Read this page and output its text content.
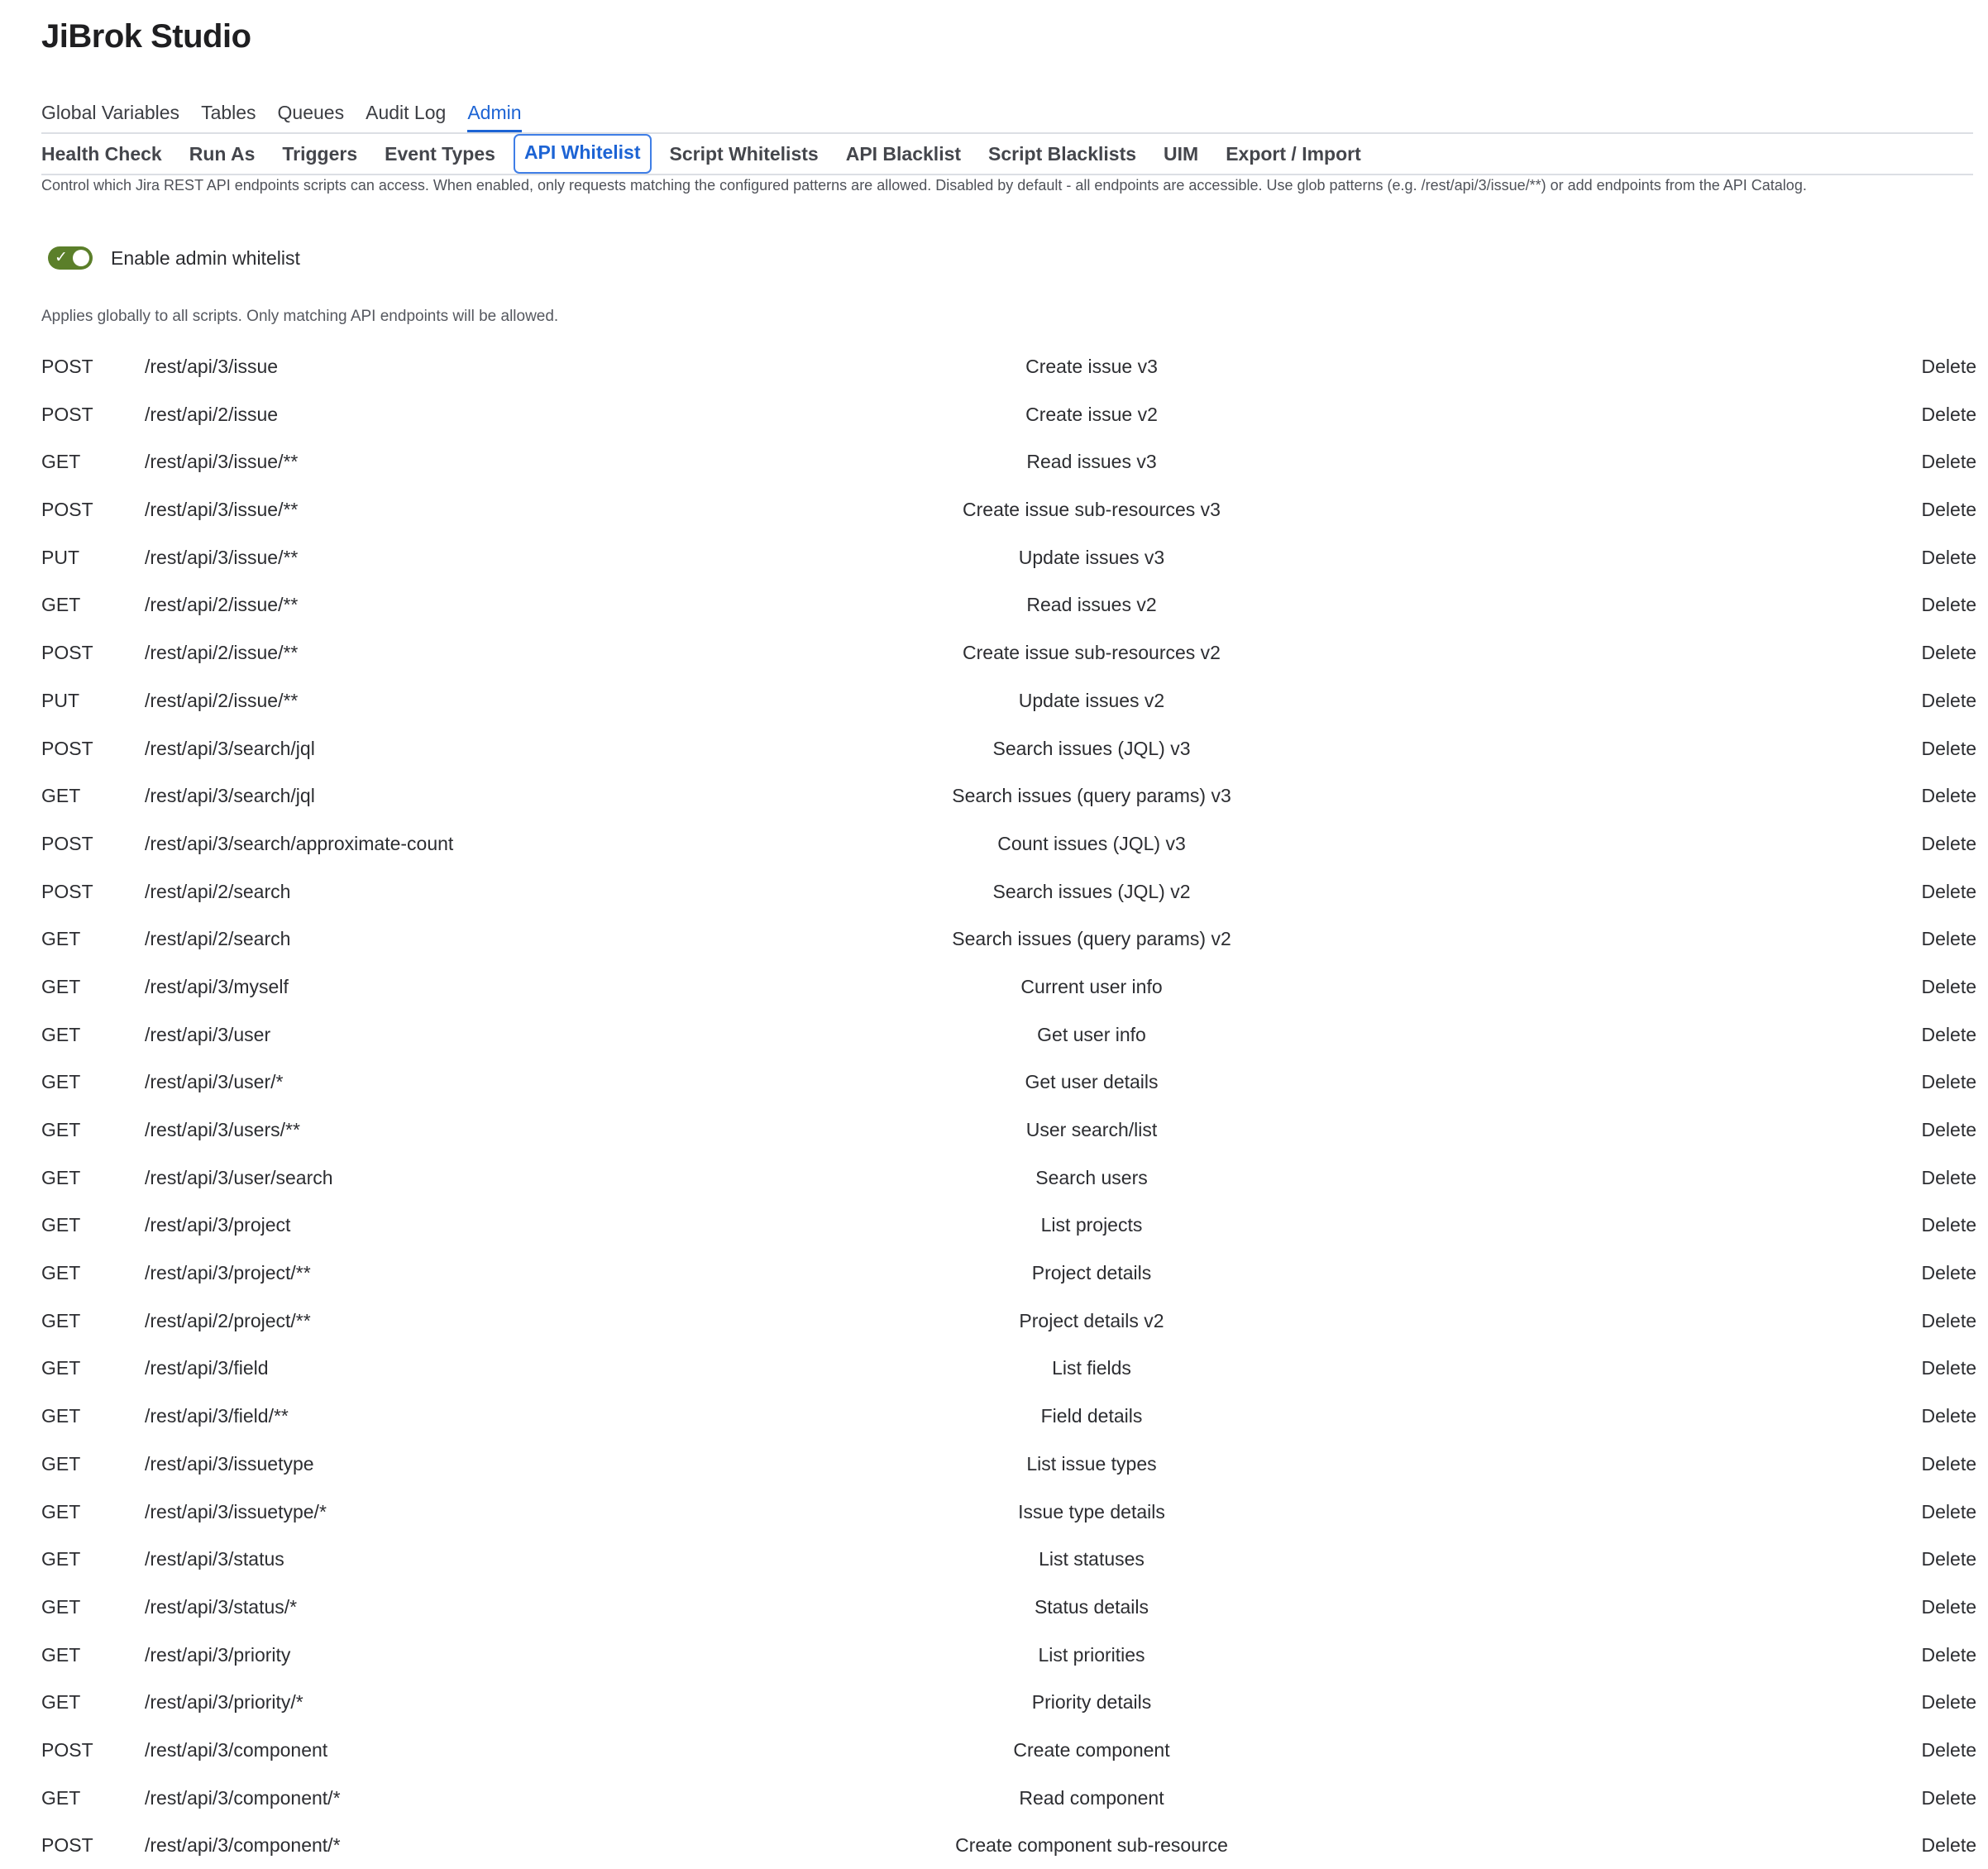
JiBrok Studio
Global Variables Tables Queues Audit Log Admin
Health Check	Run As	Triggers	Event Types	API Whitelist	Script Whitelists	API Blacklist	Script Blacklists	UIM	Export / Import

Control which Jira REST API endpoints scripts can access. When enabled, only requests matching the configured patterns are allowed. Disabled by default - all endpoints are accessible. Use glob patterns (e.g. /rest/api/3/issue/**) or add endpoints from the API Catalog.

✓ Enable admin whitelist

Applies globally to all scripts. Only matching API endpoints will be allowed.

POST	/rest/api/3/issue	Create issue v3	Delete
POST	/rest/api/2/issue	Create issue v2	Delete
GET	/rest/api/3/issue/**	Read issues v3	Delete
POST	/rest/api/3/issue/**	Create issue sub-resources v3	Delete
PUT	/rest/api/3/issue/**	Update issues v3	Delete
GET	/rest/api/2/issue/**	Read issues v2	Delete
POST	/rest/api/2/issue/**	Create issue sub-resources v2	Delete
PUT	/rest/api/2/issue/**	Update issues v2	Delete
POST	/rest/api/3/search/jql	Search issues (JQL) v3	Delete
GET	/rest/api/3/search/jql	Search issues (query params) v3	Delete
POST	/rest/api/3/search/approximate-count	Count issues (JQL) v3	Delete
POST	/rest/api/2/search	Search issues (JQL) v2	Delete
GET	/rest/api/2/search	Search issues (query params) v2	Delete
GET	/rest/api/3/myself	Current user info	Delete
GET	/rest/api/3/user	Get user info	Delete
GET	/rest/api/3/user/*	Get user details	Delete
GET	/rest/api/3/users/**	User search/list	Delete
GET	/rest/api/3/user/search	Search users	Delete
GET	/rest/api/3/project	List projects	Delete
GET	/rest/api/3/project/**	Project details	Delete
GET	/rest/api/2/project/**	Project details v2	Delete
GET	/rest/api/3/field	List fields	Delete
GET	/rest/api/3/field/**	Field details	Delete
GET	/rest/api/3/issuetype	List issue types	Delete
GET	/rest/api/3/issuetype/*	Issue type details	Delete
GET	/rest/api/3/status	List statuses	Delete
GET	/rest/api/3/status/*	Status details	Delete
GET	/rest/api/3/priority	List priorities	Delete
GET	/rest/api/3/priority/*	Priority details	Delete
POST	/rest/api/3/component	Create component	Delete
GET	/rest/api/3/component/*	Read component	Delete
POST	/rest/api/3/component/*	Create component sub-resource	Delete
